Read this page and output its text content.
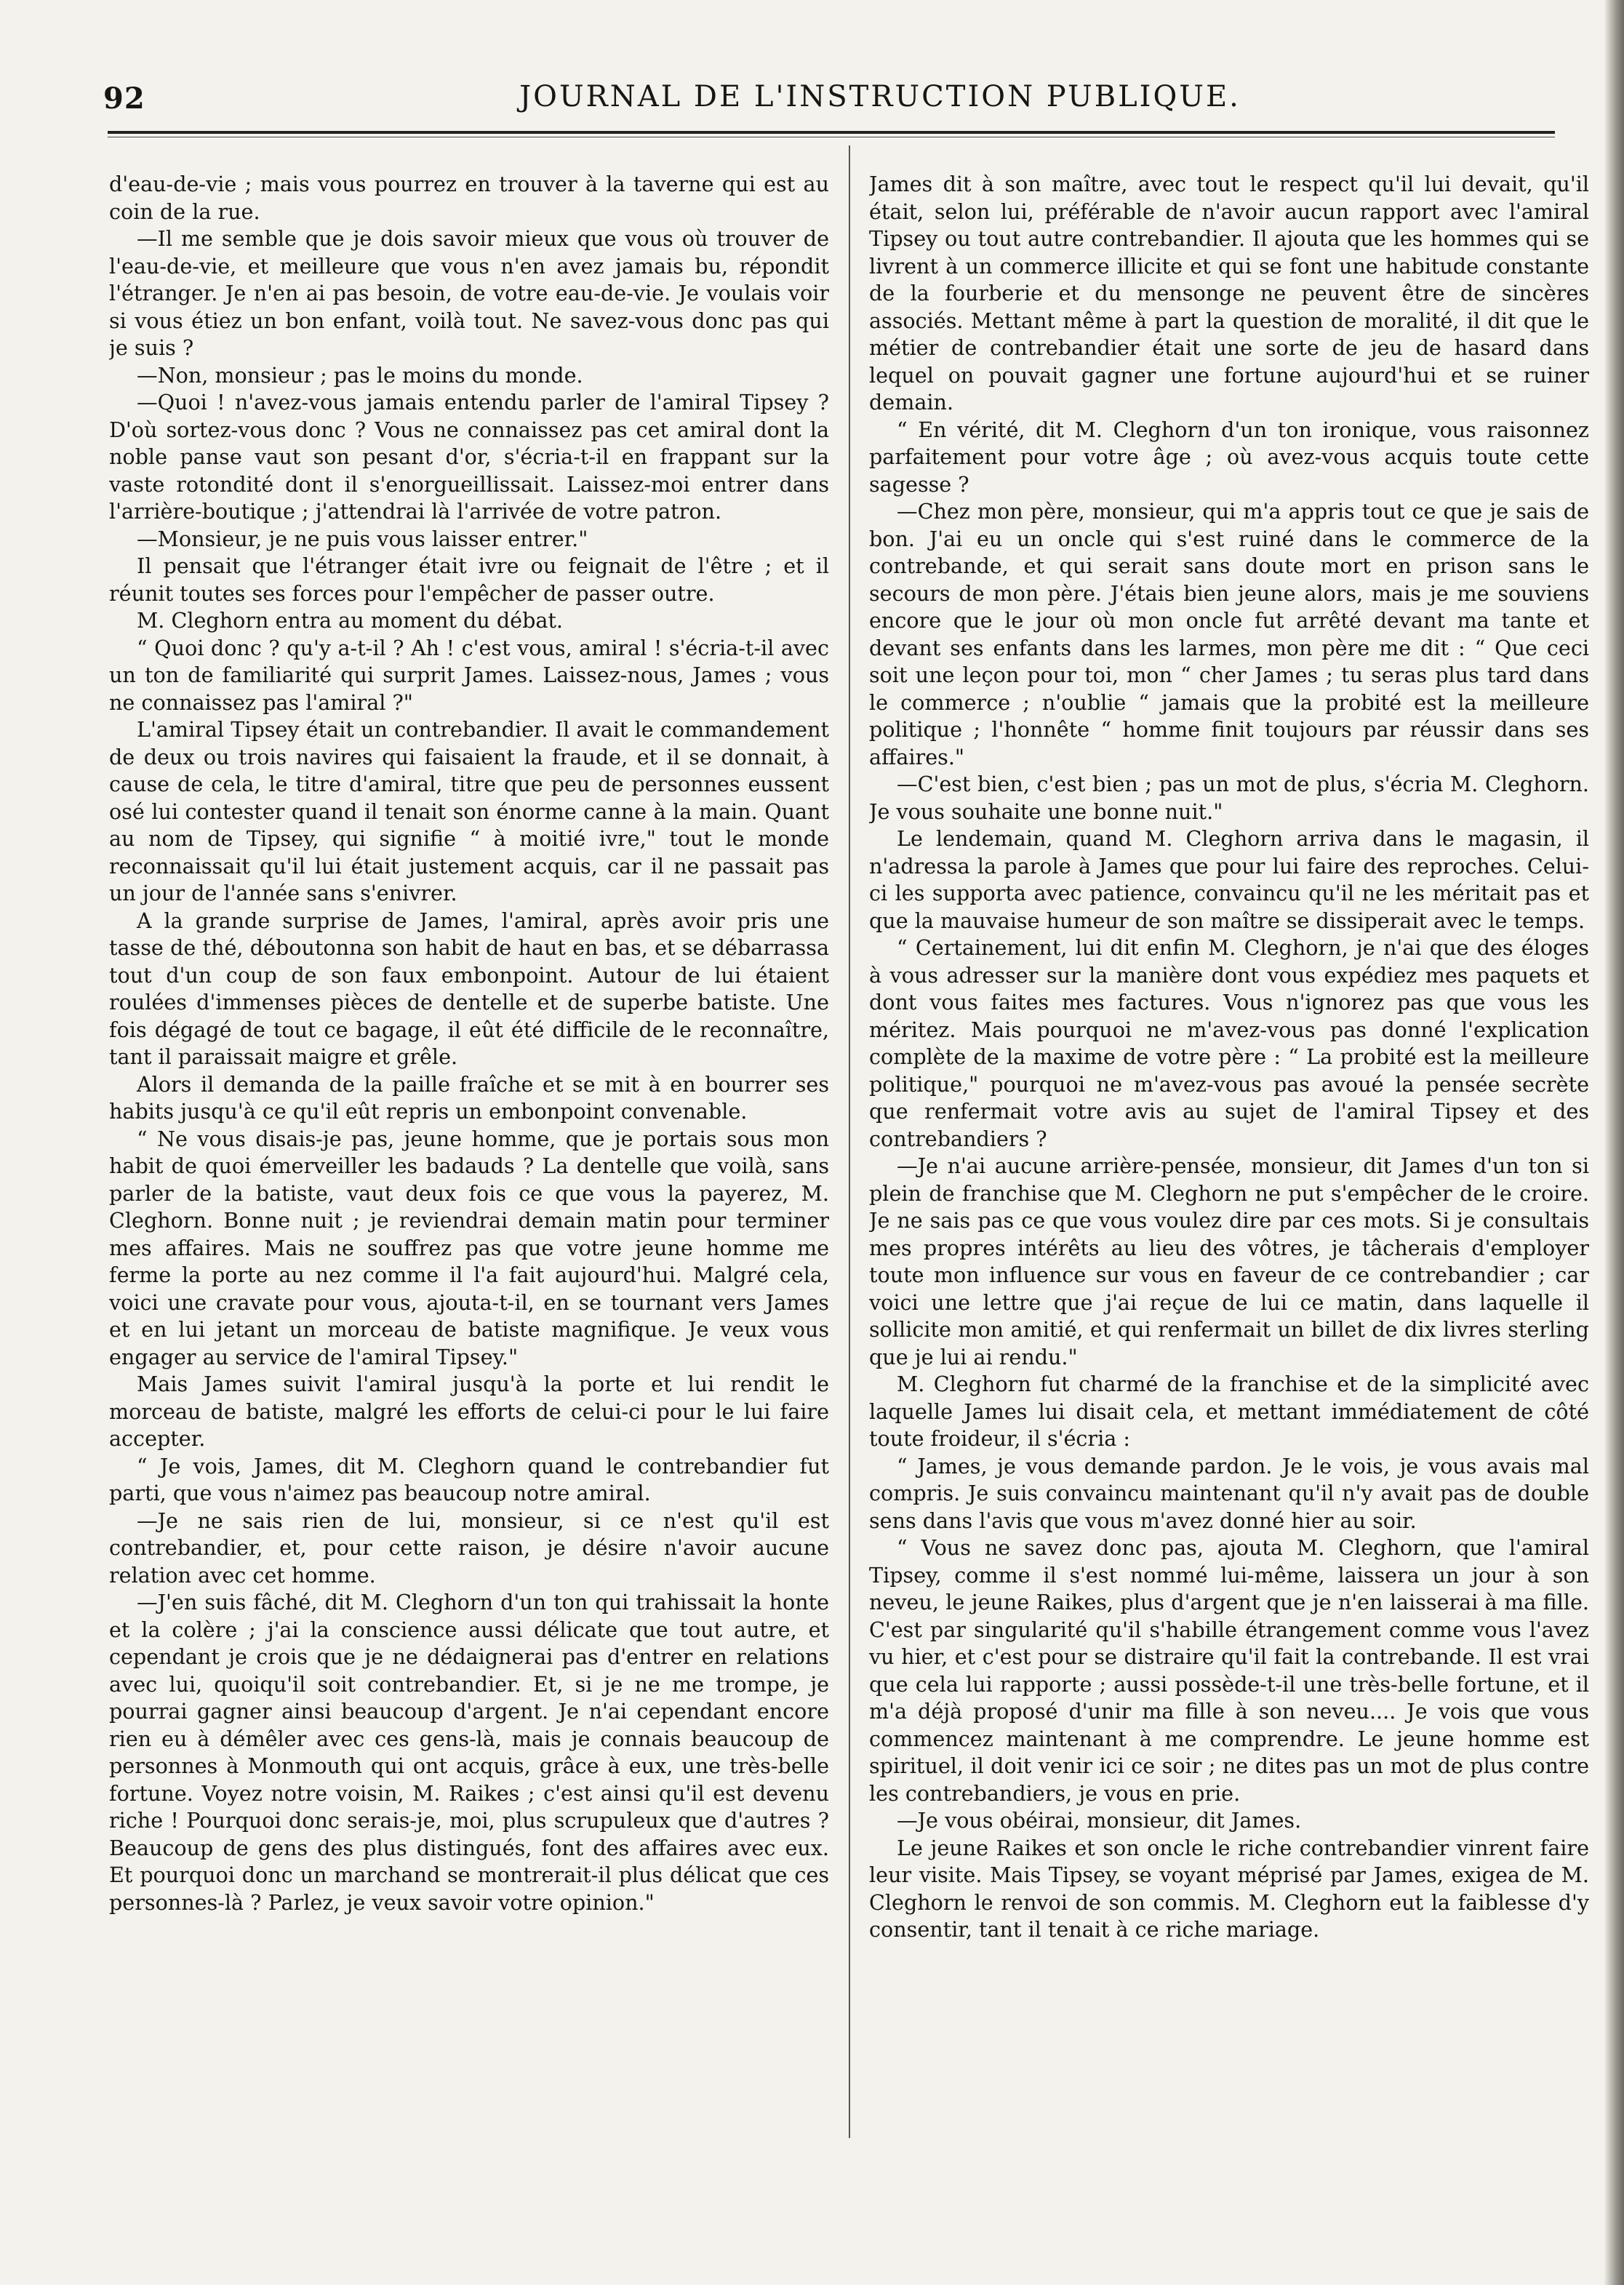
92	JOURNAL DE L'INSTRUCTION PUBLIQUE.

d'eau-de-vie ; mais vous pourrez en trouver à la taverne qui est au coin de la rue.

—Il me semble que je dois savoir mieux que vous où trouver de l'eau-de-vie, et meilleure que vous n'en avez jamais bu, répondit l'étranger. Je n'en ai pas besoin, de votre eau-de-vie. Je voulais voir si vous étiez un bon enfant, voilà tout. Ne savez-vous donc pas qui je suis ?

—Non, monsieur ; pas le moins du monde.

—Quoi ! n'avez-vous jamais entendu parler de l'amiral Tipsey ? D'où sortez-vous donc ? Vous ne connaissez pas cet amiral dont la noble panse vaut son pesant d'or, s'écria-t-il en frappant sur la vaste rotondité dont il s'enorgueillissait. Laissez-moi entrer dans l'arrière-boutique ; j'attendrai là l'arrivée de votre patron.

—Monsieur, je ne puis vous laisser entrer."

Il pensait que l'étranger était ivre ou feignait de l'être ; et il réunit toutes ses forces pour l'empêcher de passer outre.

M. Cleghorn entra au moment du débat.

“ Quoi donc ? qu'y a-t-il ? Ah ! c'est vous, amiral ! s'écria-t-il avec un ton de familiarité qui surprit James. Laissez-nous, James ; vous ne connaissez pas l'amiral ?"

L'amiral Tipsey était un contrebandier. Il avait le commandement de deux ou trois navires qui faisaient la fraude, et il se donnait, à cause de cela, le titre d'amiral, titre que peu de personnes eussent osé lui contester quand il tenait son énorme canne à la main. Quant au nom de Tipsey, qui signifie “ à moitié ivre," tout le monde reconnaissait qu'il lui était justement acquis, car il ne passait pas un jour de l'année sans s'enivrer.

A la grande surprise de James, l'amiral, après avoir pris une tasse de thé, déboutonna son habit de haut en bas, et se débarrassa tout d'un coup de son faux embonpoint. Autour de lui étaient roulées d'immenses pièces de dentelle et de superbe batiste. Une fois dégagé de tout ce bagage, il eût été difficile de le reconnaître, tant il paraissait maigre et grêle.

Alors il demanda de la paille fraîche et se mit à en bourrer ses habits jusqu'à ce qu'il eût repris un embonpoint convenable.

“ Ne vous disais-je pas, jeune homme, que je portais sous mon habit de quoi émerveiller les badauds ? La dentelle que voilà, sans parler de la batiste, vaut deux fois ce que vous la payerez, M. Cleghorn. Bonne nuit ; je reviendrai demain matin pour terminer mes affaires. Mais ne souffrez pas que votre jeune homme me ferme la porte au nez comme il l'a fait aujourd'hui. Malgré cela, voici une cravate pour vous, ajouta-t-il, en se tournant vers James et en lui jetant un morceau de batiste magnifique. Je veux vous engager au service de l'amiral Tipsey."

Mais James suivit l'amiral jusqu'à la porte et lui rendit le morceau de batiste, malgré les efforts de celui-ci pour le lui faire accepter.

“ Je vois, James, dit M. Cleghorn quand le contrebandier fut parti, que vous n'aimez pas beaucoup notre amiral.

—Je ne sais rien de lui, monsieur, si ce n'est qu'il est contrebandier, et, pour cette raison, je désire n'avoir aucune relation avec cet homme.

—J'en suis fâché, dit M. Cleghorn d'un ton qui trahissait la honte et la colère ; j'ai la conscience aussi délicate que tout autre, et cependant je crois que je ne dédaignerai pas d'entrer en relations avec lui, quoiqu'il soit contrebandier. Et, si je ne me trompe, je pourrai gagner ainsi beaucoup d'argent. Je n'ai cependant encore rien eu à démêler avec ces gens-là, mais je connais beaucoup de personnes à Monmouth qui ont acquis, grâce à eux, une très-belle fortune. Voyez notre voisin, M. Raikes ; c'est ainsi qu'il est devenu riche ! Pourquoi donc serais-je, moi, plus scrupuleux que d'autres ? Beaucoup de gens des plus distingués, font des affaires avec eux. Et pourquoi donc un marchand se montrerait-il plus délicat que ces personnes-là ? Parlez, je veux savoir votre opinion."

James dit à son maître, avec tout le respect qu'il lui devait, qu'il était, selon lui, préférable de n'avoir aucun rapport avec l'amiral Tipsey ou tout autre contrebandier. Il ajouta que les hommes qui se livrent à un commerce illicite et qui se font une habitude constante de la fourberie et du mensonge ne peuvent être de sincères associés. Mettant même à part la question de moralité, il dit que le métier de contrebandier était une sorte de jeu de hasard dans lequel on pouvait gagner une fortune aujourd'hui et se ruiner demain.

“ En vérité, dit M. Cleghorn d'un ton ironique, vous raisonnez parfaitement pour votre âge ; où avez-vous acquis toute cette sagesse ?

—Chez mon père, monsieur, qui m'a appris tout ce que je sais de bon. J'ai eu un oncle qui s'est ruiné dans le commerce de la contrebande, et qui serait sans doute mort en prison sans le secours de mon père. J'étais bien jeune alors, mais je me souviens encore que le jour où mon oncle fut arrêté devant ma tante et devant ses enfants dans les larmes, mon père me dit : “ Que ceci soit une leçon pour toi, mon “ cher James ; tu seras plus tard dans le commerce ; n'oublie “ jamais que la probité est la meilleure politique ; l'honnête “ homme finit toujours par réussir dans ses affaires."

—C'est bien, c'est bien ; pas un mot de plus, s'écria M. Cleghorn. Je vous souhaite une bonne nuit."

Le lendemain, quand M. Cleghorn arriva dans le magasin, il n'adressa la parole à James que pour lui faire des reproches. Celui-ci les supporta avec patience, convaincu qu'il ne les méritait pas et que la mauvaise humeur de son maître se dissiperait avec le temps.

“ Certainement, lui dit enfin M. Cleghorn, je n'ai que des éloges à vous adresser sur la manière dont vous expédiez mes paquets et dont vous faites mes factures. Vous n'ignorez pas que vous les méritez. Mais pourquoi ne m'avez-vous pas donné l'explication complète de la maxime de votre père : “ La probité est la meilleure politique," pourquoi ne m'avez-vous pas avoué la pensée secrète que renfermait votre avis au sujet de l'amiral Tipsey et des contrebandiers ?

—Je n'ai aucune arrière-pensée, monsieur, dit James d'un ton si plein de franchise que M. Cleghorn ne put s'empêcher de le croire. Je ne sais pas ce que vous voulez dire par ces mots. Si je consultais mes propres intérêts au lieu des vôtres, je tâcherais d'employer toute mon influence sur vous en faveur de ce contrebandier ; car voici une lettre que j'ai reçue de lui ce matin, dans laquelle il sollicite mon amitié, et qui renfermait un billet de dix livres sterling que je lui ai rendu."

M. Cleghorn fut charmé de la franchise et de la simplicité avec laquelle James lui disait cela, et mettant immédiatement de côté toute froideur, il s'écria :

“ James, je vous demande pardon. Je le vois, je vous avais mal compris. Je suis convaincu maintenant qu'il n'y avait pas de double sens dans l'avis que vous m'avez donné hier au soir.

“ Vous ne savez donc pas, ajouta M. Cleghorn, que l'amiral Tipsey, comme il s'est nommé lui-même, laissera un jour à son neveu, le jeune Raikes, plus d'argent que je n'en laisserai à ma fille. C'est par singularité qu'il s'habille étrangement comme vous l'avez vu hier, et c'est pour se distraire qu'il fait la contrebande. Il est vrai que cela lui rapporte ; aussi possède-t-il une très-belle fortune, et il m'a déjà proposé d'unir ma fille à son neveu.... Je vois que vous commencez maintenant à me comprendre. Le jeune homme est spirituel, il doit venir ici ce soir ; ne dites pas un mot de plus contre les contrebandiers, je vous en prie.

—Je vous obéirai, monsieur, dit James.

Le jeune Raikes et son oncle le riche contrebandier vinrent faire leur visite. Mais Tipsey, se voyant méprisé par James, exigea de M. Cleghorn le renvoi de son commis. M. Cleghorn eut la faiblesse d'y consentir, tant il tenait à ce riche mariage.
